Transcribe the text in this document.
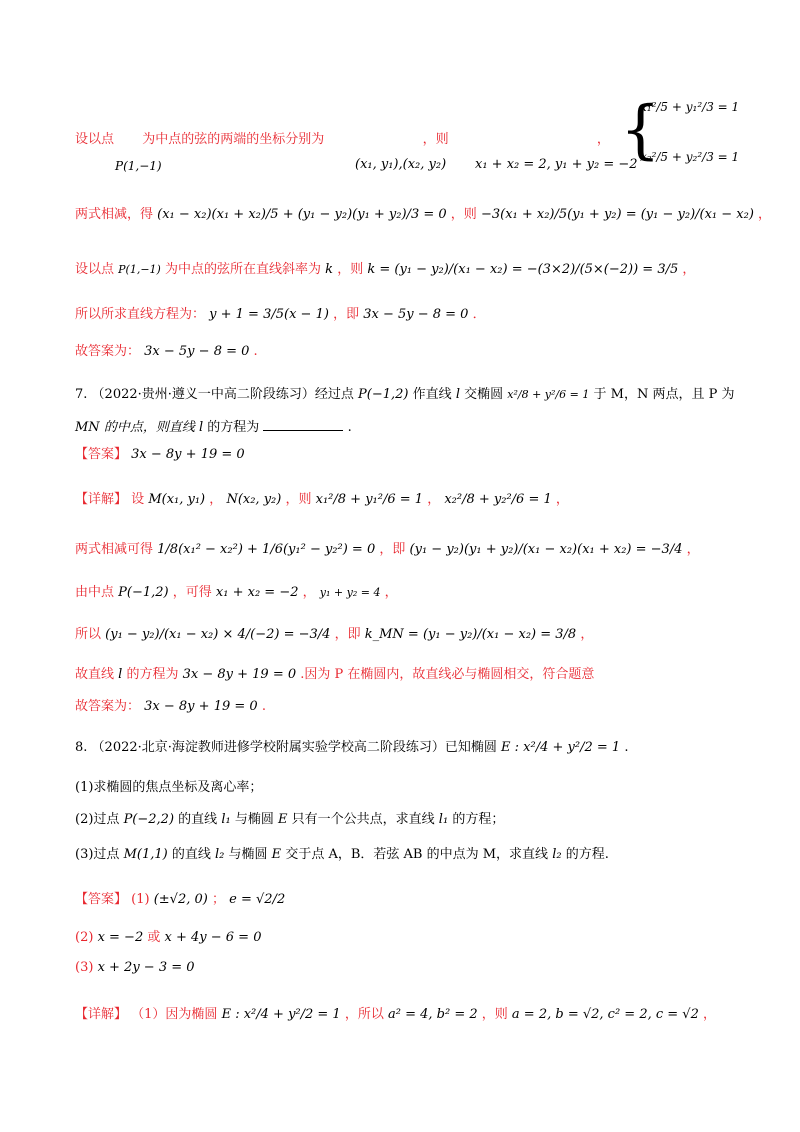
设以点 为中点的弦的两端的坐标分别为	，则	，
P(1,−1)	(x₁, y₁),(x₂, y₂) x₁ + x₂ = 2, y₁ + y₂ = −2
{
x₁²/5 + y₁²/3 = 1
x₂²/5 + y₂²/3 = 1
两式相减，得 (x₁ − x₂)(x₁ + x₂)/5 + (y₁ − y₂)(y₁ + y₂)/3 = 0 ，则 −3(x₁ + x₂)/5(y₁ + y₂) = (y₁ − y₂)/(x₁ − x₂) ，
设以点 P(1,−1) 为中点的弦所在直线斜率为 k ，则 k = (y₁ − y₂)/(x₁ − x₂) = −(3×2)/(5×(−2)) = 3/5 ，
所以所求直线方程为： y + 1 = 3/5(x − 1) ，即 3x − 5y − 8 = 0 ．
故答案为： 3x − 5y − 8 = 0 .
7. （2022·贵州·遵义一中高二阶段练习）经过点 P(−1,2) 作直线 l 交椭圆 x²/8 + y²/6 = 1 于 M，N 两点，且 P 为
MN 的中点，则直线 l 的方程为	.
【答案】 3x − 8y + 19 = 0
【详解】 设 M(x₁, y₁) ， N(x₂, y₂) ，则 x₁²/8 + y₁²/6 = 1 ， x₂²/8 + y₂²/6 = 1 ，
两式相减可得 1/8(x₁² − x₂²) + 1/6(y₁² − y₂²) = 0 ，即 (y₁ − y₂)(y₁ + y₂)/(x₁ − x₂)(x₁ + x₂) = −3/4 ，
由中点 P(−1,2) ，可得 x₁ + x₂ = −2 ， y₁ + y₂ = 4 ，
所以 (y₁ − y₂)/(x₁ − x₂) × 4/(−2) = −3/4 ，即 k_MN = (y₁ − y₂)/(x₁ − x₂) = 3/8 ，
故直线 l 的方程为 3x − 8y + 19 = 0 .因为 P 在椭圆内，故直线必与椭圆相交，符合题意
故答案为： 3x − 8y + 19 = 0 .
8. （2022·北京·海淀教师进修学校附属实验学校高二阶段练习）已知椭圆 E : x²/4 + y²/2 = 1 .
(1)求椭圆的焦点坐标及离心率；
(2)过点 P(−2,2) 的直线 l₁ 与椭圆 E 只有一个公共点，求直线 l₁ 的方程；
(3)过点 M(1,1) 的直线 l₂ 与椭圆 E 交于点 A，B．若弦 AB 的中点为 M，求直线 l₂ 的方程.
【答案】 (1) (±√2, 0) ； e = √2/2
(2) x = −2 或 x + 4y − 6 = 0
(3) x + 2y − 3 = 0
【详解】 （1）因为椭圆 E : x²/4 + y²/2 = 1 ，所以 a² = 4, b² = 2 ，则 a = 2, b = √2, c² = 2, c = √2 ，
